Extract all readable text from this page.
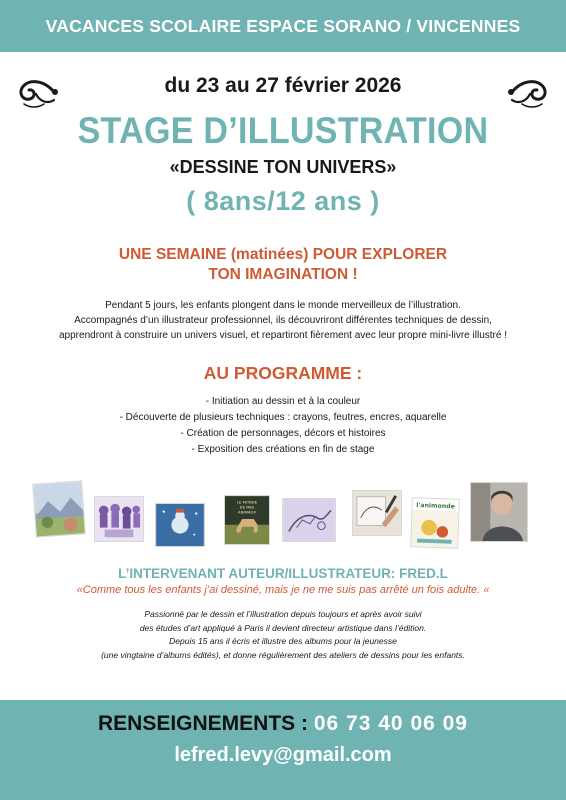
VACANCES SCOLAIRE ESPACE SORANO / VINCENNES
du 23 au 27 février 2026
STAGE D’ILLUSTRATION
«DESSINE TON UNIVERS»
( 8ans/12 ans )
UNE SEMAINE (matinées) POUR EXPLORER
TON IMAGINATION !
Pendant 5 jours, les enfants plongent dans le monde merveilleux de l’illustration.
Accompagnés d’un illustrateur professionnel, ils découvriront différentes techniques de dessin,
apprendront à construire un univers visuel, et repartiront fièrement avec leur propre mini-livre illustré !
AU PROGRAMME :
- Initiation au dessin et à la couleur
- Découverte de plusieurs techniques : crayons, feutres, encres, aquarelle
- Création de personnages, décors et histoires
- Exposition des créations en fin de stage
LE MONDE
DE MES
ANIMAUX
l'animonde
L’INTERVENANT AUTEUR/ILLUSTRATEUR: FRED.L
«Comme tous les enfants j’ai dessiné, mais je ne me suis pas arrêté un fois adulte. «
Passionné par le dessin et l’illustration depuis toujours et après avoir suivi
des études d’art appliqué à Paris il devient directeur artistique dans l’édition.
Depuis 15 ans il écris et illustre des albums pour la jeunesse
(une vingtaine d’albums édités), et donne régulièrement des ateliers de dessins pour les enfants.
RENSEIGNEMENTS : 06 73 40 06 09
lefred.levy@gmail.com
